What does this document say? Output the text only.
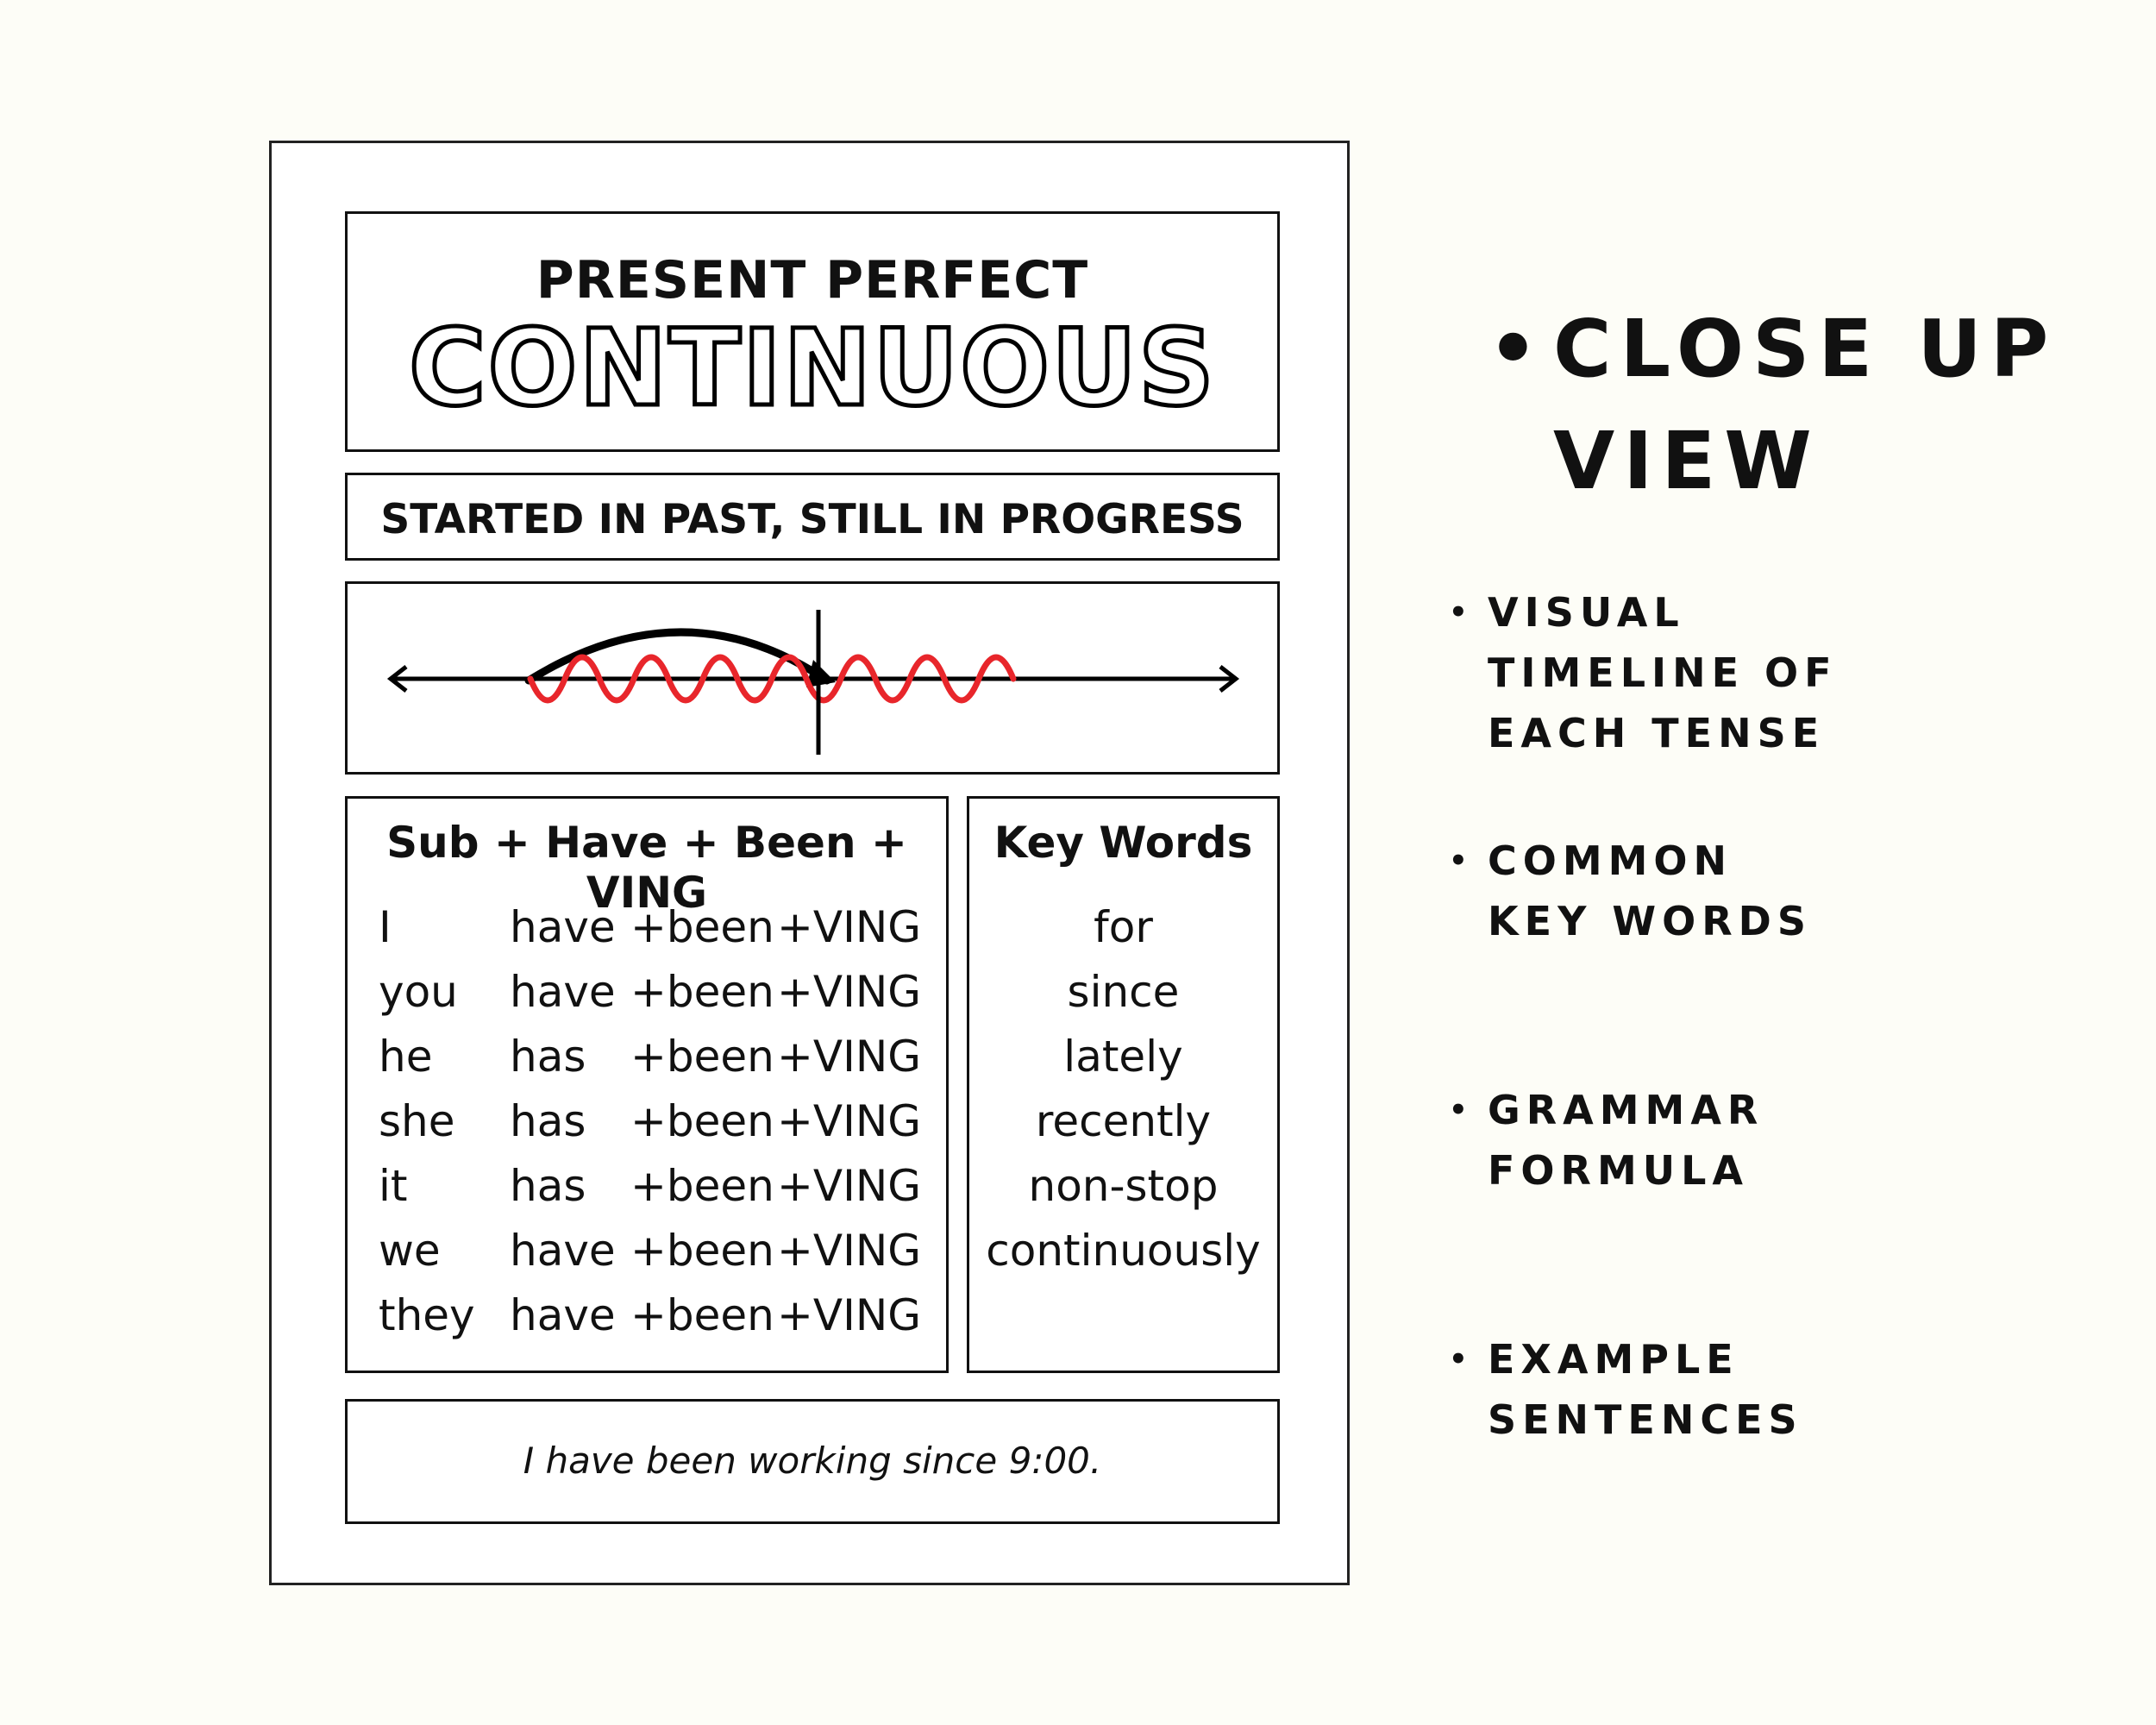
PRESENT PERFECT
CONTINUOUS
STARTED IN PAST, STILL IN PROGRESS
Sub + Have + Been + VING
I	have +been +VING
you	have +been +VING
he	has	+been +VING
she	has	+been +VING
it	has	+been +VING
we	have +been +VING
they have +been +VING
Key Words
for
since
lately
recently
non-stop
continuously
I have been working since 9:00.
• CLOSE UP
VIEW
• VISUAL
TIMELINE OF
EACH TENSE
• COMMON
KEY WORDS
• GRAMMAR
FORMULA
• EXAMPLE
SENTENCES
